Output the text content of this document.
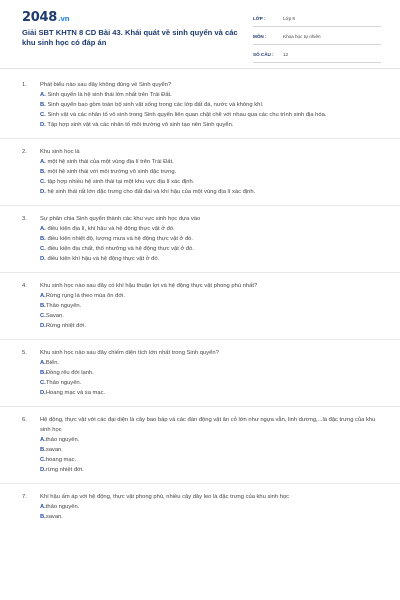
2048.vn
Giải SBT KHTN 8 CD Bài 43. Khái quát về sinh quyển và các khu sinh học có đáp án
LỚP :	Lớp 8
MÔN :	Khoa học tự nhiên
SỐ CÂU :	12
1. Phát biểu nào sau đây không đúng về Sinh quyển?
A. Sinh quyển là hệ sinh thái lớn nhất trên Trái Đất.
B. Sinh quyển bao gồm toàn bộ sinh vật sống trong các lớp đất đá, nước và không khí.
C. Sinh vật và các nhân tố vô sinh trong Sinh quyển liên quan chặt chẽ với nhau qua các chu trình sinh địa hóa.
D. Tập hợp sinh vật và các nhân tố môi trường vô sinh tạo nên Sinh quyển.
2. Khu sinh học là
A. một hệ sinh thái của một vùng địa lí trên Trái Đất.
B. một hệ sinh thái với môi trường vô sinh đặc trưng.
C. tập hợp nhiều hệ sinh thái tại một khu vực địa lí xác định.
D. hệ sinh thái rất lớn đặc trưng cho đất đai và khí hậu của một vùng địa lí xác định.
3. Sự phân chia Sinh quyển thành các khu vực sinh học dựa vào
A. điều kiện địa lí, khí hậu và hệ động thực vật ở đó.
B. điều kiện nhiệt độ, lượng mưa và hệ động thực vật ở đó.
C. điều kiện địa chất, thổ nhưỡng và hệ động thực vật ở đó.
D. điều kiện khí hậu và hệ động thực vật ở đó.
4. Khu sinh học nào sau đây có khí hậu thuận lợi và hệ động thực vật phong phú nhất?
A.Rừng rụng lá theo mùa ôn đới.
B.Thảo nguyên.
C.Savan.
D.Rừng nhiệt đới.
5. Khu sinh học nào sau đây chiếm diện tích lớn nhất trong Sinh quyển?
A.Biển.
B.Đồng rêu đới lạnh.
C.Thảo nguyên.
D.Hoang mạc và sa mạc.
6. Hệ động, thực vật với các đại diện là cây bao báp và các đàn động vật ăn cỏ lớn như ngựa vằn, linh dương,...là đặc trưng của khu sinh học
A.thảo nguyên.
B.savan.
C.hoang mạc.
D.rừng nhiệt đới.
7. Khí hậu ấm áp với hệ động, thực vật phong phú, nhiều cây dây leo là đặc trưng của khu sinh học
A.thảo nguyên.
B.savan.
